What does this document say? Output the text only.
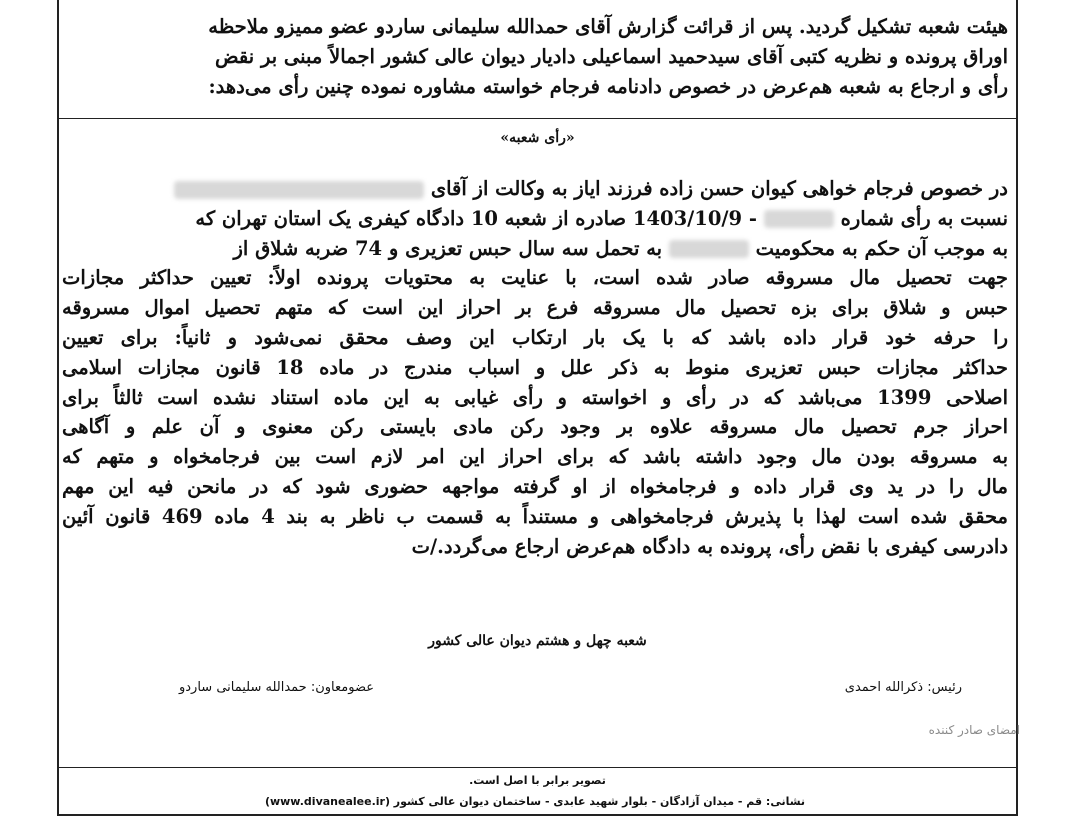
هیئت شعبه تشکیل گردید. پس از قرائت گزارش آقای حمدالله سلیمانی ساردو عضو ممیزو ملاحظه
اوراق پرونده و نظریه کتبی آقای سیدحمید اسماعیلی دادیار دیوان عالی کشور اجمالاً مبنی بر نقض
رأی و ارجاع به شعبه هم‌عرض در خصوص دادنامه فرجام خواسته مشاوره نموده چنین رأی می‌دهد:
«رأی شعبه»
در خصوص فرجام خواهی کیوان حسن زاده فرزند ایاز به وکالت از آقای
نسبت به رأی شماره  - 1403/10/9 صادره از شعبه 10 دادگاه کیفری یک استان تهران که
به موجب آن حکم به محکومیت  به تحمل سه سال حبس تعزیری و 74 ضربه شلاق از
جهت تحصیل مال مسروقه صادر شده است، با عنایت به محتویات پرونده اولاً: تعیین حداکثر مجازات
حبس و شلاق برای بزه تحصیل مال مسروقه فرع بر احراز این است که متهم تحصیل اموال مسروقه
را حرفه خود قرار داده باشد که با یک بار ارتکاب این وصف محقق نمی‌شود و ثانیاً: برای تعیین
حداکثر مجازات حبس تعزیری منوط به ذکر علل و اسباب مندرج در ماده 18 قانون مجازات اسلامی
اصلاحی 1399 می‌باشد که در رأی و اخواسته و رأی غیابی به این ماده استناد نشده است ثالثاً برای
احراز جرم تحصیل مال مسروقه علاوه بر وجود رکن مادی بایستی رکن معنوی و آن علم و آگاهی
به مسروقه بودن مال وجود داشته باشد که برای احراز این امر لازم است بین فرجامخواه و متهم که
مال را در ید وی قرار داده و فرجامخواه از او گرفته مواجهه حضوری شود که در مانحن فیه این مهم
محقق شده است لهذا با پذیرش فرجامخواهی و مستنداً به قسمت ب ناظر به بند 4 ماده 469 قانون آئین
دادرسی کیفری با نقض رأی، پرونده به دادگاه هم‌عرض ارجاع می‌گردد./ت
شعبه چهل و هشتم دیوان عالی کشور
رئیس: ذکرالله احمدی
عضومعاون: حمدالله سلیمانی ساردو
امضای صادر کننده
تصویر برابر با اصل است.
نشانی: قم - میدان آزادگان - بلوار شهید عابدی - ساختمان دیوان عالی کشور (www.divanealee.ir)
